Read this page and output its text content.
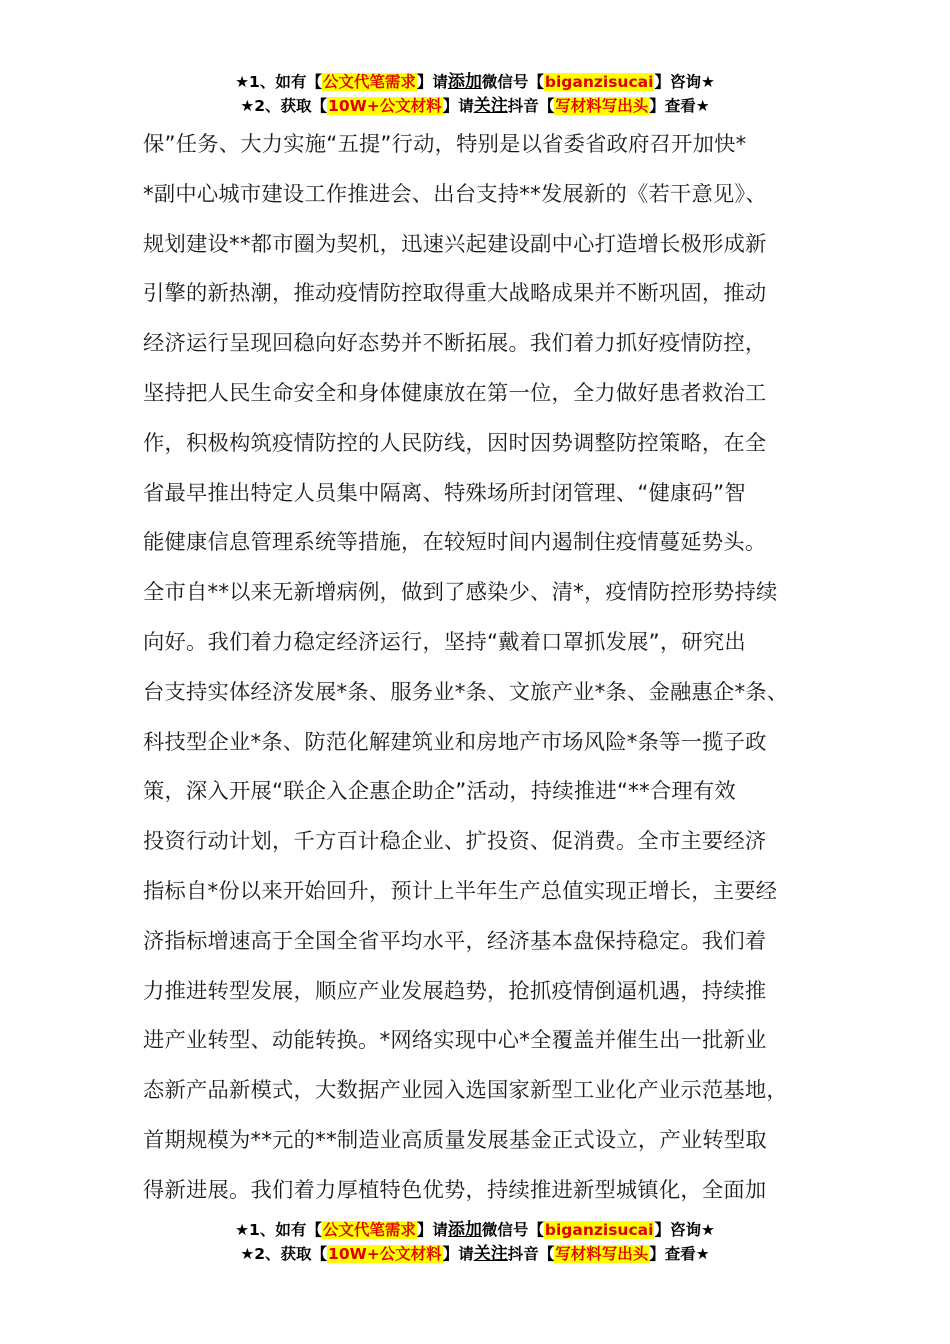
★1、如有【公文代笔需求】请添加微信号【biganzisucai】咨询★
★2、获取【10W+公文材料】请关注抖音【写材料写出头】查看★
保”任务、大力实施“五提”行动，特别是以省委省政府召开加快*
*副中心城市建设工作推进会、出台支持**发展新的《若干意见》、
规划建设**都市圈为契机，迅速兴起建设副中心打造增长极形成新
引擎的新热潮，推动疫情防控取得重大战略成果并不断巩固，推动
经济运行呈现回稳向好态势并不断拓展。我们着力抓好疫情防控，
坚持把人民生命安全和身体健康放在第一位，全力做好患者救治工
作，积极构筑疫情防控的人民防线，因时因势调整防控策略，在全
省最早推出特定人员集中隔离、特殊场所封闭管理、“健康码”智
能健康信息管理系统等措施，在较短时间内遏制住疫情蔓延势头。
全市自**以来无新增病例，做到了感染少、清*，疫情防控形势持续
向好。我们着力稳定经济运行，坚持“戴着口罩抓发展”，研究出
台支持实体经济发展*条、服务业*条、文旅产业*条、金融惠企*条、
科技型企业*条、防范化解建筑业和房地产市场风险*条等一揽子政
策，深入开展“联企入企惠企助企”活动，持续推进“**合理有效
投资行动计划，千方百计稳企业、扩投资、促消费。全市主要经济
指标自*份以来开始回升，预计上半年生产总值实现正增长，主要经
济指标增速高于全国全省平均水平，经济基本盘保持稳定。我们着
力推进转型发展，顺应产业发展趋势，抢抓疫情倒逼机遇，持续推
进产业转型、动能转换。*网络实现中心*全覆盖并催生出一批新业
态新产品新模式，大数据产业园入选国家新型工业化产业示范基地，
首期规模为**元的**制造业高质量发展基金正式设立，产业转型取
得新进展。我们着力厚植特色优势，持续推进新型城镇化，全面加
★1、如有【公文代笔需求】请添加微信号【biganzisucai】咨询★
★2、获取【10W+公文材料】请关注抖音【写材料写出头】查看★
